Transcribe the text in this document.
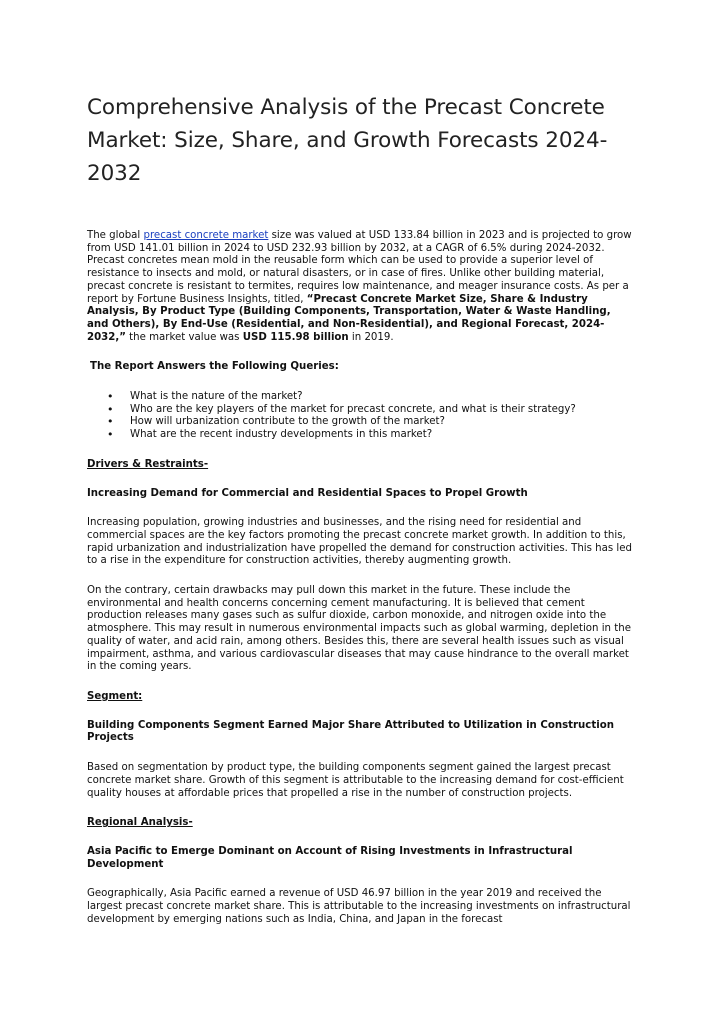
Comprehensive Analysis of the Precast Concrete Market: Size, Share, and Growth Forecasts 2024-2032

The global precast concrete market size was valued at USD 133.84 billion in 2023 and is projected to grow from USD 141.01 billion in 2024 to USD 232.93 billion by 2032, at a CAGR of 6.5% during 2024-2032. Precast concretes mean mold in the reusable form which can be used to provide a superior level of resistance to insects and mold, or natural disasters, or in case of fires. Unlike other building material, precast concrete is resistant to termites, requires low maintenance, and meager insurance costs. As per a report by Fortune Business Insights, titled, “Precast Concrete Market Size, Share & Industry Analysis, By Product Type (Building Components, Transportation, Water & Waste Handling, and Others), By End-Use (Residential, and Non-Residential), and Regional Forecast, 2024-2032,” the market value was USD 115.98 billion in 2019.

The Report Answers the Following Queries:

• What is the nature of the market?
• Who are the key players of the market for precast concrete, and what is their strategy?
• How will urbanization contribute to the growth of the market?
• What are the recent industry developments in this market?

Drivers & Restraints-

Increasing Demand for Commercial and Residential Spaces to Propel Growth

Increasing population, growing industries and businesses, and the rising need for residential and commercial spaces are the key factors promoting the precast concrete market growth. In addition to this, rapid urbanization and industrialization have propelled the demand for construction activities. This has led to a rise in the expenditure for construction activities, thereby augmenting growth.

On the contrary, certain drawbacks may pull down this market in the future. These include the environmental and health concerns concerning cement manufacturing. It is believed that cement production releases many gases such as sulfur dioxide, carbon monoxide, and nitrogen oxide into the atmosphere. This may result in numerous environmental impacts such as global warming, depletion in the quality of water, and acid rain, among others. Besides this, there are several health issues such as visual impairment, asthma, and various cardiovascular diseases that may cause hindrance to the overall market in the coming years.

Segment:

Building Components Segment Earned Major Share Attributed to Utilization in Construction Projects

Based on segmentation by product type, the building components segment gained the largest precast concrete market share. Growth of this segment is attributable to the increasing demand for cost-efficient quality houses at affordable prices that propelled a rise in the number of construction projects.

Regional Analysis-

Asia Pacific to Emerge Dominant on Account of Rising Investments in Infrastructural Development

Geographically, Asia Pacific earned a revenue of USD 46.97 billion in the year 2019 and received the largest precast concrete market share. This is attributable to the increasing investments on infrastructural development by emerging nations such as India, China, and Japan in the forecast
